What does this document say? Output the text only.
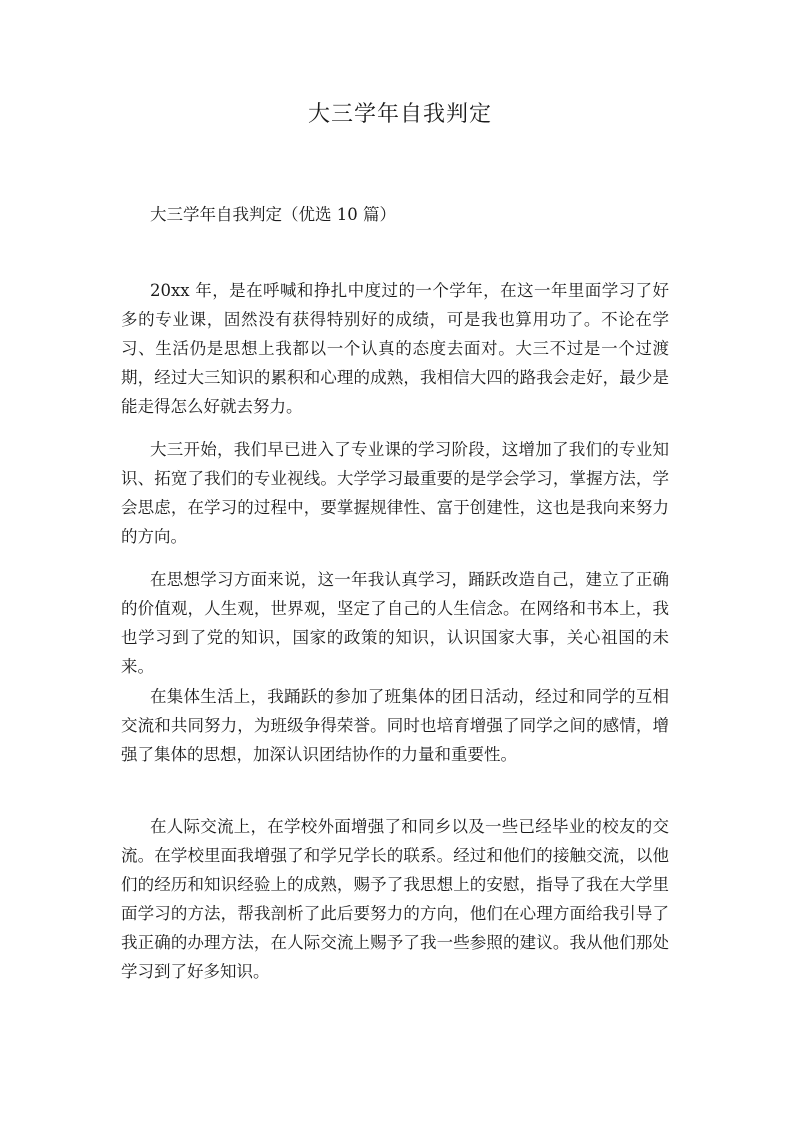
大三学年自我判定

大三学年自我判定（优选 10 篇）

20xx 年，是在呼喊和挣扎中度过的一个学年，在这一年里面学习了好多的专业课，固然没有获得特别好的成绩，可是我也算用功了。不论在学习、生活仍是思想上我都以一个认真的态度去面对。大三不过是一个过渡期，经过大三知识的累积和心理的成熟，我相信大四的路我会走好，最少是能走得怎么好就去努力。

大三开始，我们早已进入了专业课的学习阶段，这增加了我们的专业知识、拓宽了我们的专业视线。大学学习最重要的是学会学习，掌握方法，学会思虑，在学习的过程中，要掌握规律性、富于创建性，这也是我向来努力的方向。

在思想学习方面来说，这一年我认真学习，踊跃改造自己，建立了正确的价值观，人生观，世界观，坚定了自己的人生信念。在网络和书本上，我也学习到了党的知识，国家的政策的知识，认识国家大事，关心祖国的未来。

在集体生活上，我踊跃的参加了班集体的团日活动，经过和同学的互相交流和共同努力，为班级争得荣誉。同时也培育增强了同学之间的感情，增强了集体的思想，加深认识团结协作的力量和重要性。

在人际交流上，在学校外面增强了和同乡以及一些已经毕业的校友的交流。在学校里面我增强了和学兄学长的联系。经过和他们的接触交流，以他们的经历和知识经验上的成熟，赐予了我思想上的安慰，指导了我在大学里面学习的方法，帮我剖析了此后要努力的方向，他们在心理方面给我引导了我正确的办理方法，在人际交流上赐予了我一些参照的建议。我从他们那处学习到了好多知识。
